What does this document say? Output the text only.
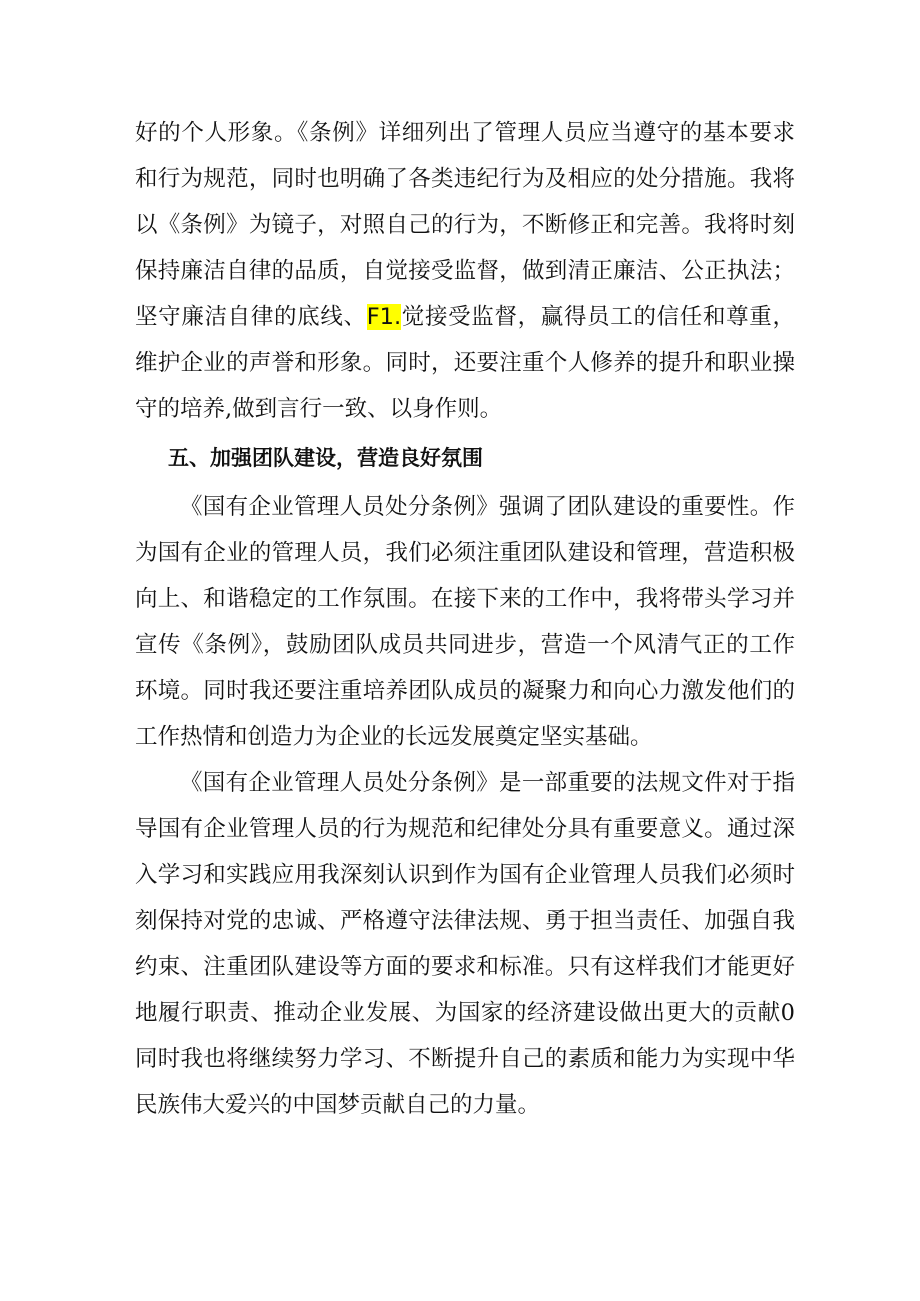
好的个人形象。《条例》详细列出了管理人员应当遵守的基本要求和行为规范，同时也明确了各类违纪行为及相应的处分措施。我将以《条例》为镜子，对照自己的行为，不断修正和完善。我将时刻保持廉洁自律的品质，自觉接受监督，做到清正廉洁、公正执法；坚守廉洁自律的底线、F1.觉接受监督，赢得员工的信任和尊重，维护企业的声誉和形象。同时，还要注重个人修养的提升和职业操守的培养,做到言行一致、以身作则。

五、加强团队建设，营造良好氛围

《国有企业管理人员处分条例》强调了团队建设的重要性。作为国有企业的管理人员，我们必须注重团队建设和管理，营造积极向上、和谐稳定的工作氛围。在接下来的工作中，我将带头学习并宣传《条例》，鼓励团队成员共同进步，营造一个风清气正的工作环境。同时我还要注重培养团队成员的凝聚力和向心力激发他们的工作热情和创造力为企业的长远发展奠定坚实基础。

《国有企业管理人员处分条例》是一部重要的法规文件对于指导国有企业管理人员的行为规范和纪律处分具有重要意义。通过深入学习和实践应用我深刻认识到作为国有企业管理人员我们必须时刻保持对党的忠诚、严格遵守法律法规、勇于担当责任、加强自我约束、注重团队建设等方面的要求和标准。只有这样我们才能更好地履行职责、推动企业发展、为国家的经济建设做出更大的贡献0同时我也将继续努力学习、不断提升自己的素质和能力为实现中华民族伟大爱兴的中国梦贡献自己的力量。
